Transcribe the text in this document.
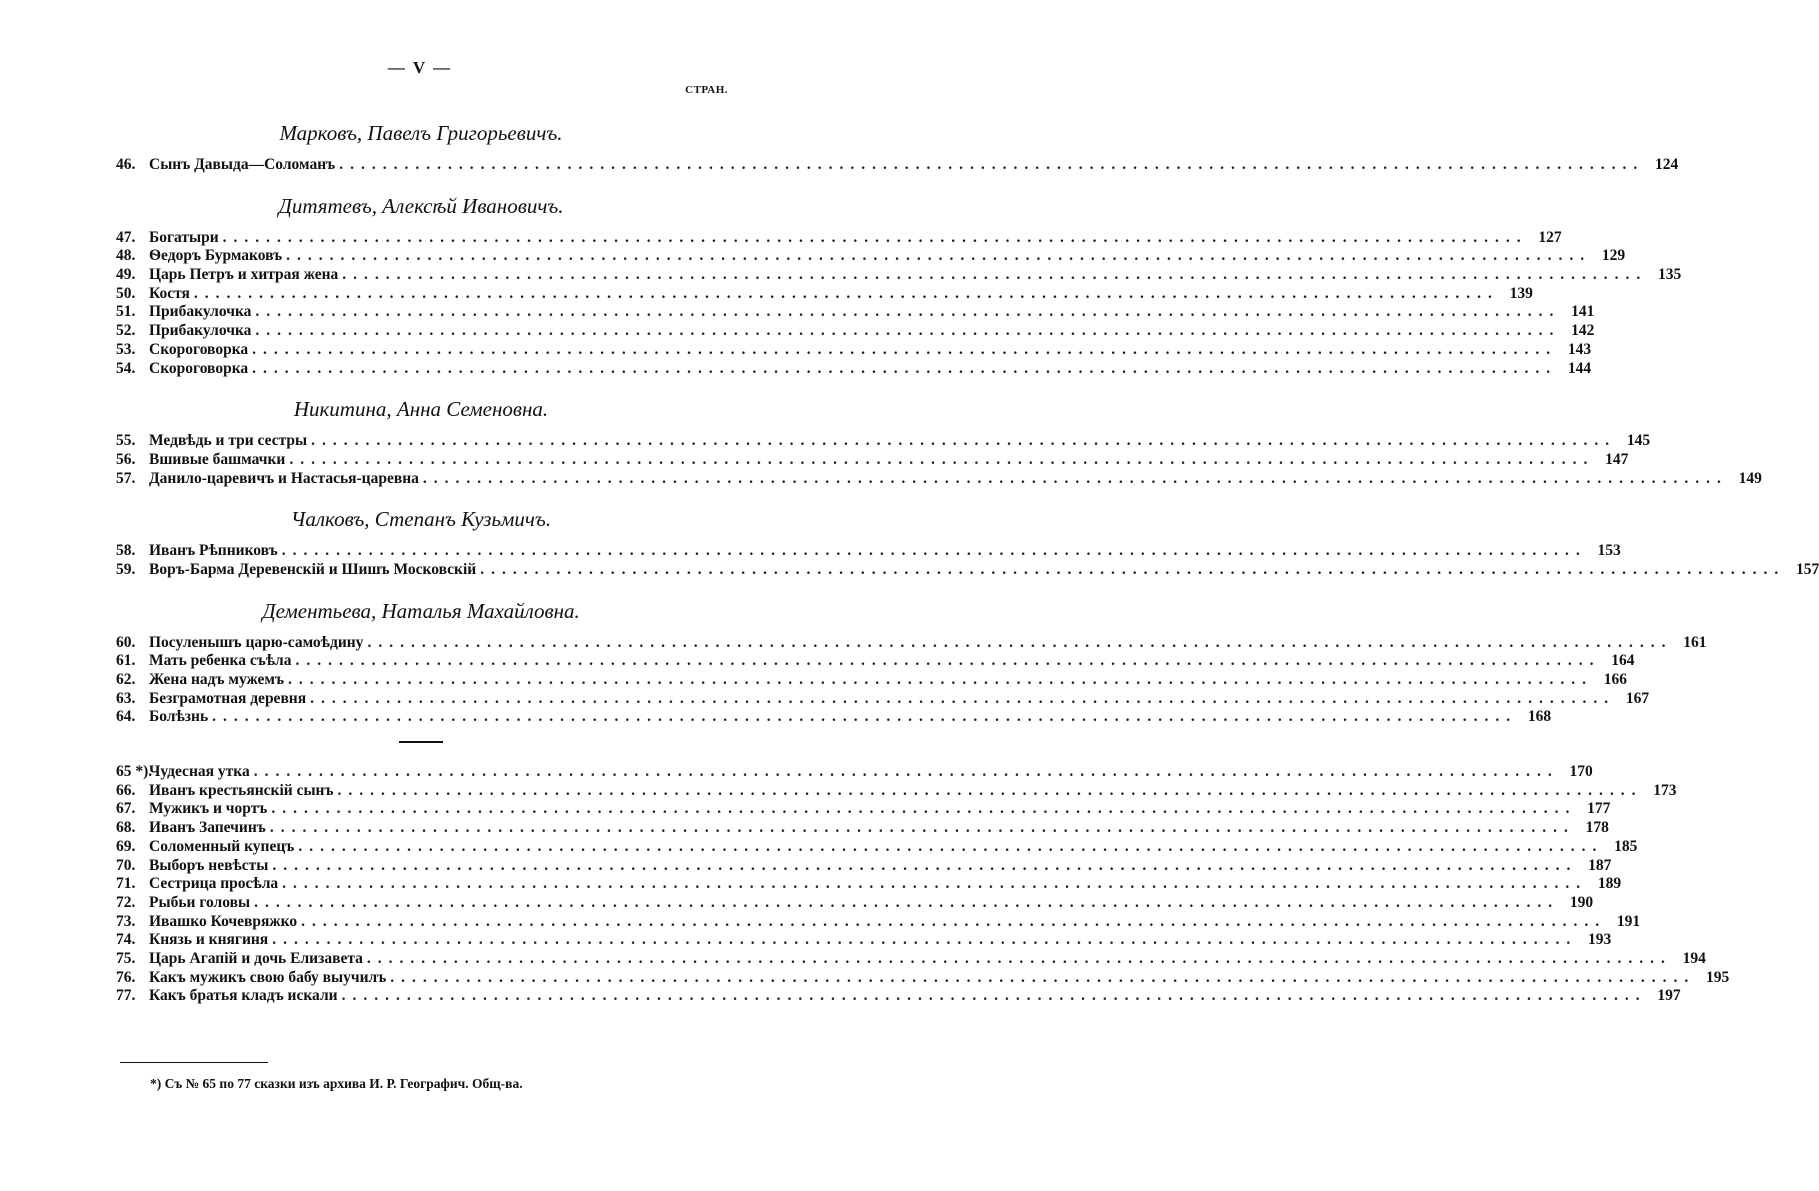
— V —
СТРАН.
Марковъ, Павелъ Григорьевичъ.
46. Сынъ Давыда—Соломанъ ........................................................................................................................ 124
Дитятевъ, Алексѣй Ивановичъ.
47. Богатыри ........................................................................................................................ 127
48. Ѳедоръ Бурмаковъ ........................................................................................................................ 129
49. Царь Петръ и хитрая жена ........................................................................................................................ 135
50. Костя ........................................................................................................................ 139
51. Прибакулочка ........................................................................................................................ 141
52. Прибакулочка ........................................................................................................................ 142
53. Скороговорка ........................................................................................................................ 143
54. Скороговорка ........................................................................................................................ 144
Никитина, Анна Семеновна.
55. Медвѣдь и три сестры ........................................................................................................................ 145
56. Вшивые башмачки ........................................................................................................................ 147
57. Данило-царевичъ и Настасья-царевна ........................................................................................................................ 149
Чалковъ, Степанъ Кузьмичъ.
58. Иванъ Рѣпниковъ ........................................................................................................................ 153
59. Воръ-Барма Деревенскій и Шишъ Московскій ........................................................................................................................ 157
Дементьева, Наталья Махайловна.
60. Посуленышъ царю-самоѣдину ........................................................................................................................ 161
61. Мать ребенка съѣла ........................................................................................................................ 164
62. Жена надъ мужемъ ........................................................................................................................ 166
63. Безграмотная деревня ........................................................................................................................ 167
64. Болѣзнь ........................................................................................................................ 168
65 *).
Чудесная утка ........................................................................................................................ 170
66. Иванъ крестьянскій сынъ ........................................................................................................................ 173
67. Мужикъ и чортъ ........................................................................................................................ 177
68. Иванъ Запечинъ ........................................................................................................................ 178
69. Соломенный купецъ ........................................................................................................................ 185
70. Выборъ невѣсты ........................................................................................................................ 187
71. Сестрица просѣла ........................................................................................................................ 189
72. Рыбьи головы ........................................................................................................................ 190
73. Ивашко Кочевряжко ........................................................................................................................ 191
74. Князь и княгиня ........................................................................................................................ 193
75. Царь Агапій и дочь Елизавета ........................................................................................................................ 194
76. Какъ мужикъ свою бабу выучилъ ........................................................................................................................ 195
77. Какъ братья кладъ искали ........................................................................................................................ 197
*) Съ № 65 по 77 сказки изъ архива И. Р. Географич. Общ-ва.
